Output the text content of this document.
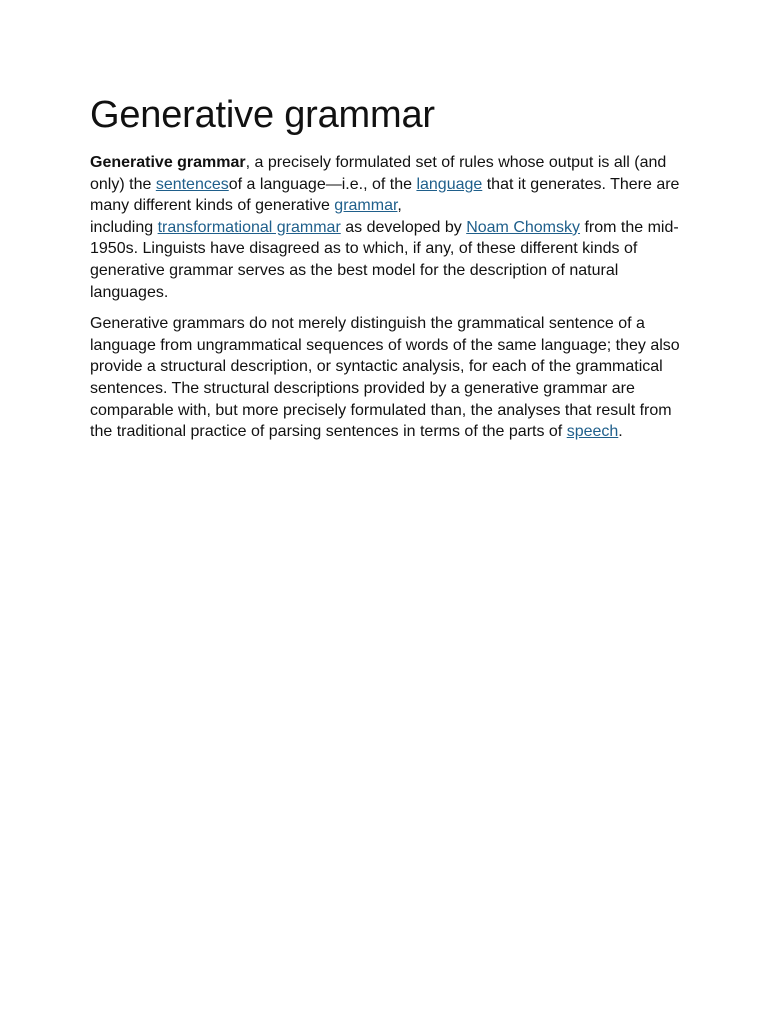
Generative grammar

Generative grammar, a precisely formulated set of rules whose output is all (and only) the sentencesof a language—i.e., of the language that it generates. There are many different kinds of generative grammar,
including transformational grammar as developed by Noam Chomsky from the mid-1950s. Linguists have disagreed as to which, if any, of these different kinds of generative grammar serves as the best model for the description of natural languages.

Generative grammars do not merely distinguish the grammatical sentence of a language from ungrammatical sequences of words of the same language; they also provide a structural description, or syntactic analysis, for each of the grammatical sentences. The structural descriptions provided by a generative grammar are comparable with, but more precisely formulated than, the analyses that result from the traditional practice of parsing sentences in terms of the parts of speech.
